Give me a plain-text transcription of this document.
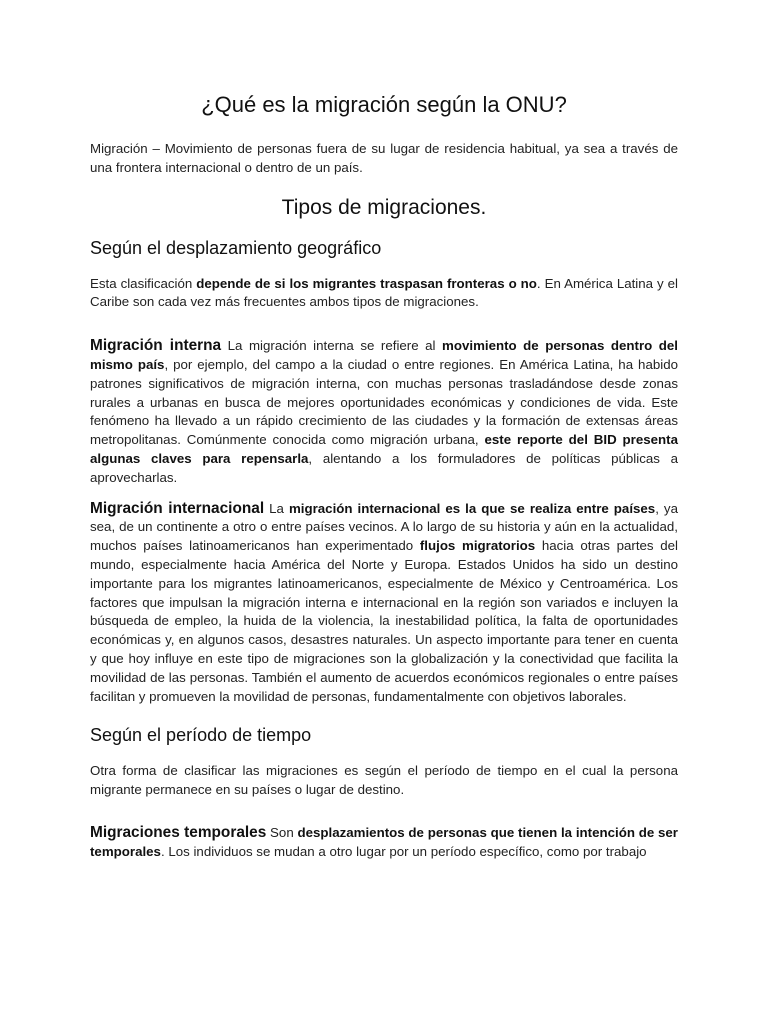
¿Qué es la migración según la ONU?

Migración – Movimiento de personas fuera de su lugar de residencia habitual, ya sea a través de una frontera internacional o dentro de un país.

Tipos de migraciones.
Según el desplazamiento geográfico

Esta clasificación depende de si los migrantes traspasan fronteras o no. En América Latina y el Caribe son cada vez más frecuentes ambos tipos de migraciones.

Migración interna La migración interna se refiere al movimiento de personas dentro del mismo país, por ejemplo, del campo a la ciudad o entre regiones. En América Latina, ha habido patrones significativos de migración interna, con muchas personas trasladándose desde zonas rurales a urbanas en busca de mejores oportunidades económicas y condiciones de vida. Este fenómeno ha llevado a un rápido crecimiento de las ciudades y la formación de extensas áreas metropolitanas. Comúnmente conocida como migración urbana, este reporte del BID presenta algunas claves para repensarla, alentando a los formuladores de políticas públicas a aprovecharlas.

Migración internacional La migración internacional es la que se realiza entre países, ya sea, de un continente a otro o entre países vecinos. A lo largo de su historia y aún en la actualidad, muchos países latinoamericanos han experimentado flujos migratorios hacia otras partes del mundo, especialmente hacia América del Norte y Europa. Estados Unidos ha sido un destino importante para los migrantes latinoamericanos, especialmente de México y Centroamérica. Los factores que impulsan la migración interna e internacional en la región son variados e incluyen la búsqueda de empleo, la huida de la violencia, la inestabilidad política, la falta de oportunidades económicas y, en algunos casos, desastres naturales. Un aspecto importante para tener en cuenta y que hoy influye en este tipo de migraciones son la globalización y la conectividad que facilita la movilidad de las personas. También el aumento de acuerdos económicos regionales o entre países facilitan y promueven la movilidad de personas, fundamentalmente con objetivos laborales.

Según el período de tiempo

Otra forma de clasificar las migraciones es según el período de tiempo en el cual la persona migrante permanece en su países o lugar de destino.

Migraciones temporales Son desplazamientos de personas que tienen la intención de ser temporales. Los individuos se mudan a otro lugar por un período específico, como por trabajo
